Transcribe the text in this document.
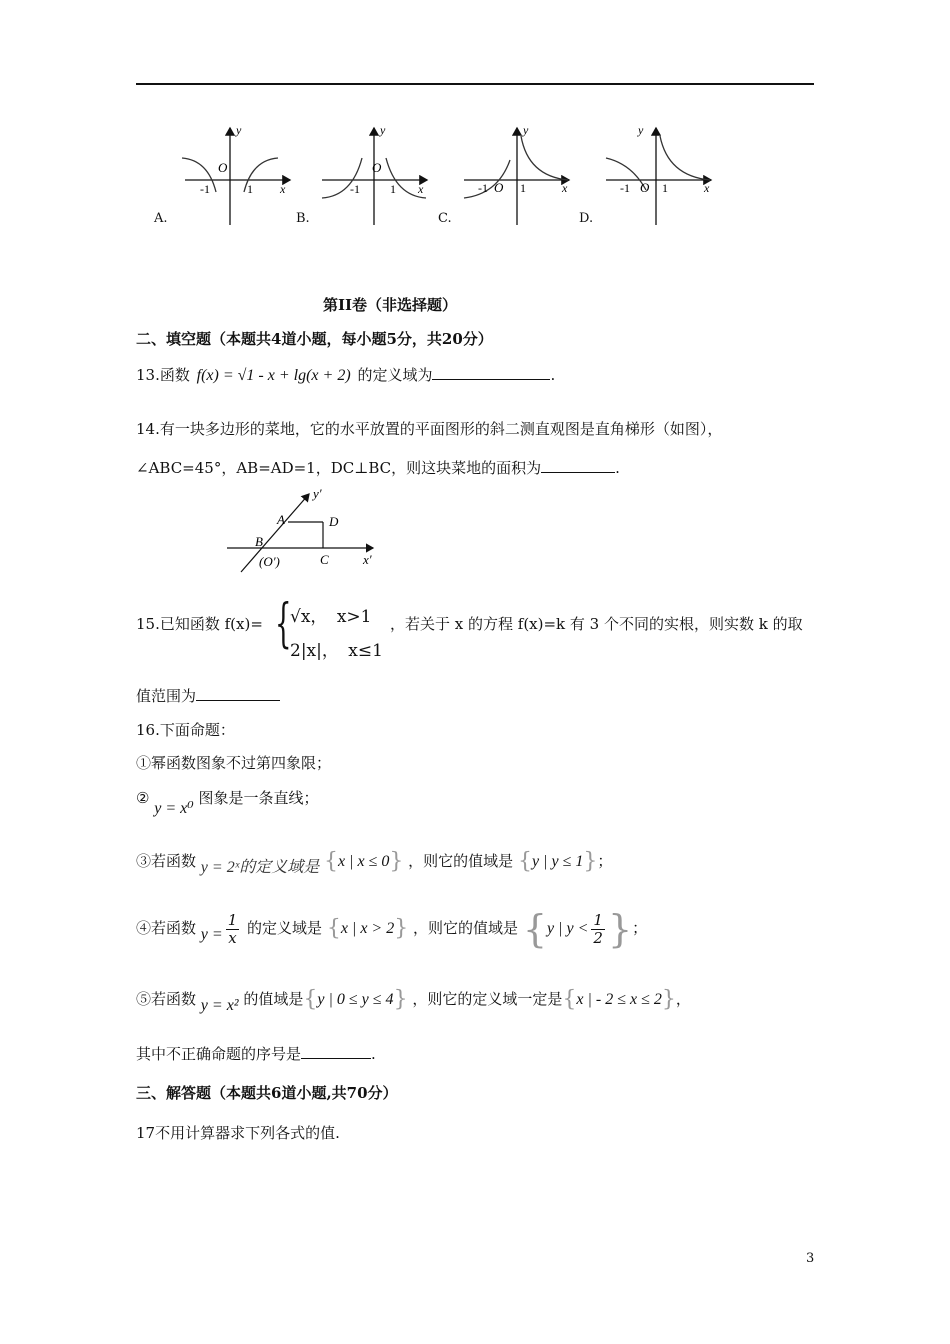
y
O
-1	1 x
y
O
-1	1 x
y
O
-1	1	x
y
O
-1	1	x
A.	B.	C.	D.
第II卷（非选择题）
二、填空题（本题共4道小题，每小题5分，共20分）
13.函数 f(x) = √1 - x + lg(x + 2) 的定义域为	.
14.有一块多边形的菜地，它的水平放置的平面图形的斜二测直观图是直角梯形（如图），
∠ABC=45°，AB=AD=1，DC⊥BC，则这块菜地的面积为	.
y′
A	D
B
(O′)	C	x′
15.已知函数 f(x)= {
√x， x>1
2|x|， x≤1
，若关于 x 的方程 f(x)=k 有 3 个不同的实根，则实数 k 的取
值范围为
16.下面命题：
①幂函数图象不过第四象限；
② y = x⁰ 图象是一条直线；
③若函数 y = 2ˣ的定义域是 {x | x ≤ 0} ，则它的值域是 {y | y ≤ 1}；
④若函数 $y = \frac{1}{x}$ 的定义域是 {x | x > 2} ，则它的值域是 {y | $y < \frac{1}{2}$ }；
⑤若函数 y = x² 的值域是{y | 0 ≤ y ≤ 4} ，则它的定义域一定是{x | - 2 ≤ x ≤ 2}，
其中不正确命题的序号是	.
三、解答题（本题共6道小题,共70分）
17不用计算器求下列各式的值.
3
